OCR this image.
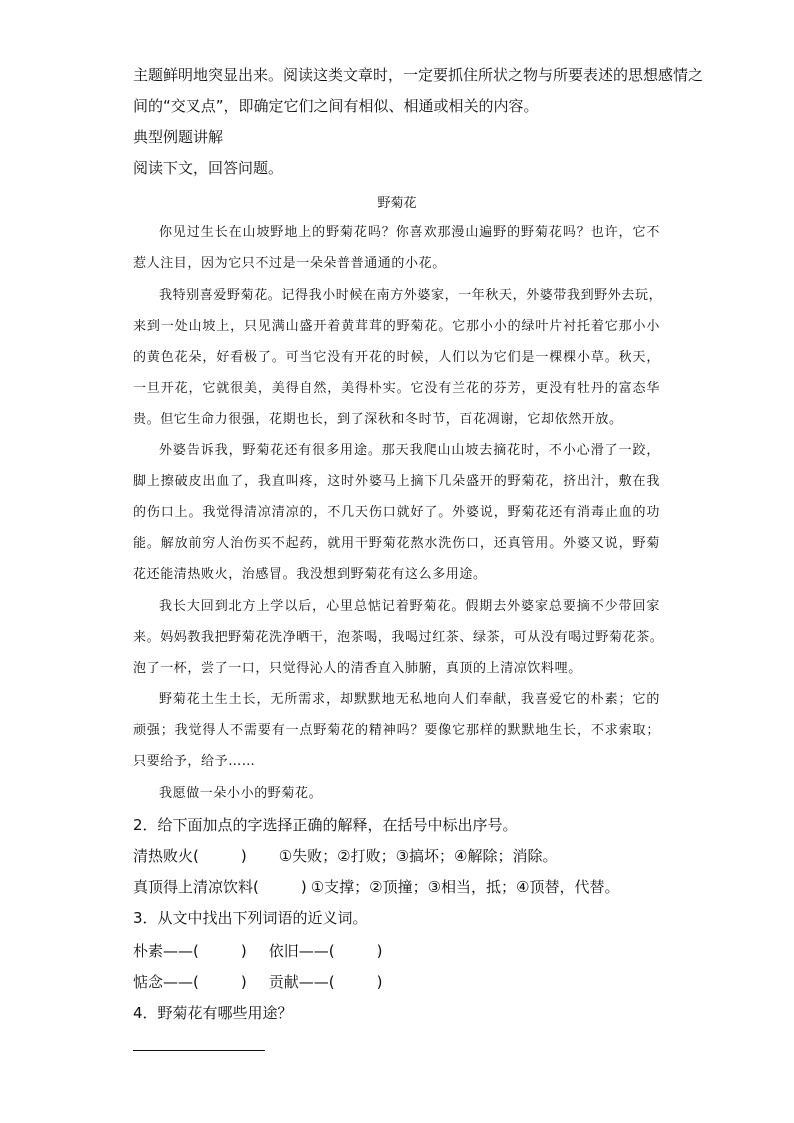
主题鲜明地突显出来。阅读这类文章时，一定要抓住所状之物与所要表述的思想感情之
间的“交叉点”，即确定它们之间有相似、相通或相关的内容。
典型例题讲解
阅读下文，回答问题。
野菊花
你见过生长在山坡野地上的野菊花吗？你喜欢那漫山遍野的野菊花吗？也许，它不
惹人注目，因为它只不过是一朵朵普普通通的小花。
我特别喜爱野菊花。记得我小时候在南方外婆家，一年秋天，外婆带我到野外去玩，
来到一处山坡上，只见满山盛开着黄茸茸的野菊花。它那小小的绿叶片衬托着它那小小
的黄色花朵，好看极了。可当它没有开花的时候，人们以为它们是一棵棵小草。秋天，
一旦开花，它就很美，美得自然，美得朴实。它没有兰花的芬芳，更没有牡丹的富态华
贵。但它生命力很强，花期也长，到了深秋和冬时节，百花凋谢，它却依然开放。
外婆告诉我，野菊花还有很多用途。那天我爬山山坡去摘花时，不小心滑了一跤，
脚上擦破皮出血了，我直叫疼，这时外婆马上摘下几朵盛开的野菊花，挤出汁，敷在我
的伤口上。我觉得清凉清凉的，不几天伤口就好了。外婆说，野菊花还有消毒止血的功
能。解放前穷人治伤买不起药，就用干野菊花熬水洗伤口，还真管用。外婆又说，野菊
花还能清热败火，治感冒。我没想到野菊花有这么多用途。
我长大回到北方上学以后，心里总惦记着野菊花。假期去外婆家总要摘不少带回家
来。妈妈教我把野菊花洗净晒干，泡茶喝，我喝过红茶、绿茶，可从没有喝过野菊花茶。
泡了一杯，尝了一口，只觉得沁人的清香直入肺腑，真顶的上清凉饮料哩。
野菊花土生土长，无所需求，却默默地无私地向人们奉献，我喜爱它的朴素；它的
顽强；我觉得人不需要有一点野菊花的精神吗？要像它那样的默默地生长，不求索取；
只要给予，给予……
我愿做一朵小小的野菊花。
2．给下面加点的字选择正确的解释，在括号中标出序号。
清热败火(	) ①失败；②打败；③搞坏；④解除；消除。
真顶得上清凉饮料(	) ①支撑；②顶撞；③相当，抵；④顶替，代替。
3．从文中找出下列词语的近义词。
朴素——(	) 依旧——(	)
惦念——(	) 贡献——(	)
4．野菊花有哪些用途？
